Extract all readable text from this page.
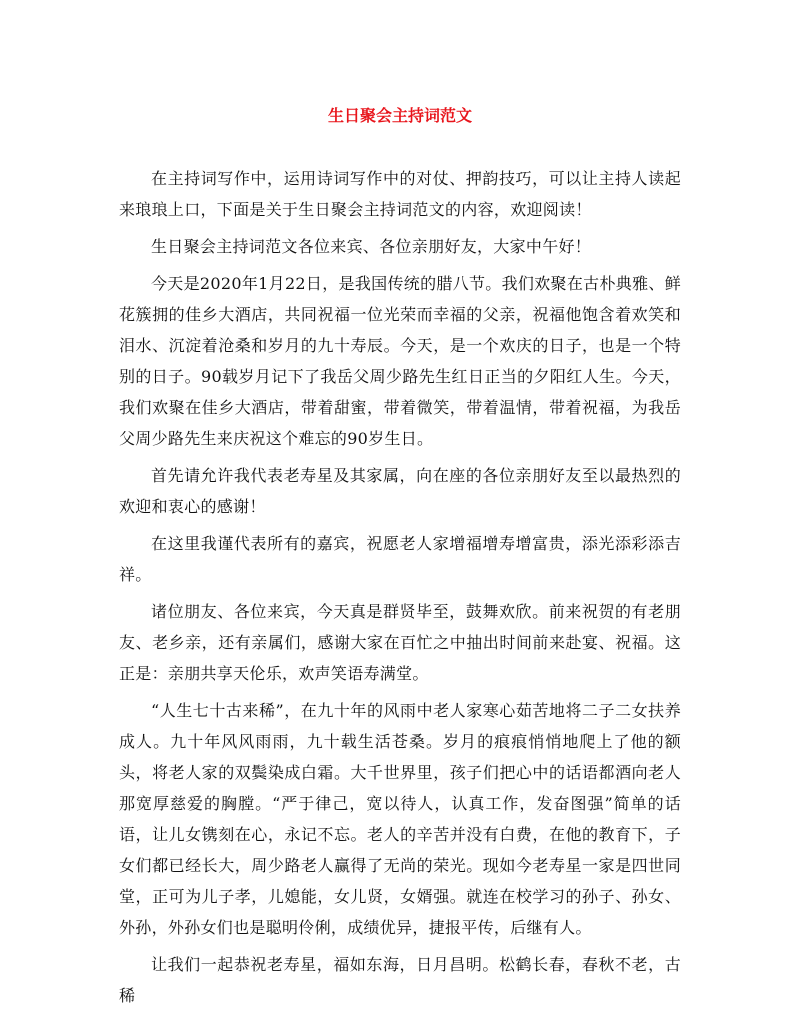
生日聚会主持词范文

在主持词写作中，运用诗词写作中的对仗、押韵技巧，可以让主持人读起来琅琅上口，下面是关于生日聚会主持词范文的内容，欢迎阅读！

生日聚会主持词范文各位来宾、各位亲朋好友，大家中午好！

今天是2020年1月22日，是我国传统的腊八节。我们欢聚在古朴典雅、鲜花簇拥的佳乡大酒店，共同祝福一位光荣而幸福的父亲，祝福他饱含着欢笑和泪水、沉淀着沧桑和岁月的九十寿辰。今天，是一个欢庆的日子，也是一个特别的日子。90载岁月记下了我岳父周少路先生红日正当的夕阳红人生。今天，我们欢聚在佳乡大酒店，带着甜蜜，带着微笑，带着温情，带着祝福，为我岳父周少路先生来庆祝这个难忘的90岁生日。

首先请允许我代表老寿星及其家属，向在座的各位亲朋好友至以最热烈的欢迎和衷心的感谢！

在这里我谨代表所有的嘉宾，祝愿老人家增福增寿增富贵，添光添彩添吉祥。

诸位朋友、各位来宾，今天真是群贤毕至，鼓舞欢欣。前来祝贺的有老朋友、老乡亲，还有亲属们，感谢大家在百忙之中抽出时间前来赴宴、祝福。这正是：亲朋共享天伦乐，欢声笑语寿满堂。

“人生七十古来稀”，在九十年的风雨中老人家寒心茹苦地将二子二女扶养成人。九十年风风雨雨，九十载生活苍桑。岁月的痕痕悄悄地爬上了他的额头，将老人家的双鬓染成白霜。大千世界里，孩子们把心中的话语都酒向老人那宽厚慈爱的胸膛。“严于律己，宽以待人，认真工作，发奋图强”简单的话语，让儿女镌刻在心，永记不忘。老人的辛苦并没有白费，在他的教育下，子女们都已经长大，周少路老人赢得了无尚的荣光。现如今老寿星一家是四世同堂，正可为儿子孝，儿媳能，女儿贤，女婿强。就连在校学习的孙子、孙女、外孙，外孙女们也是聪明伶俐，成绩优异，捷报平传，后继有人。

让我们一起恭祝老寿星，福如东海，日月昌明。松鹤长春，春秋不老，古稀
